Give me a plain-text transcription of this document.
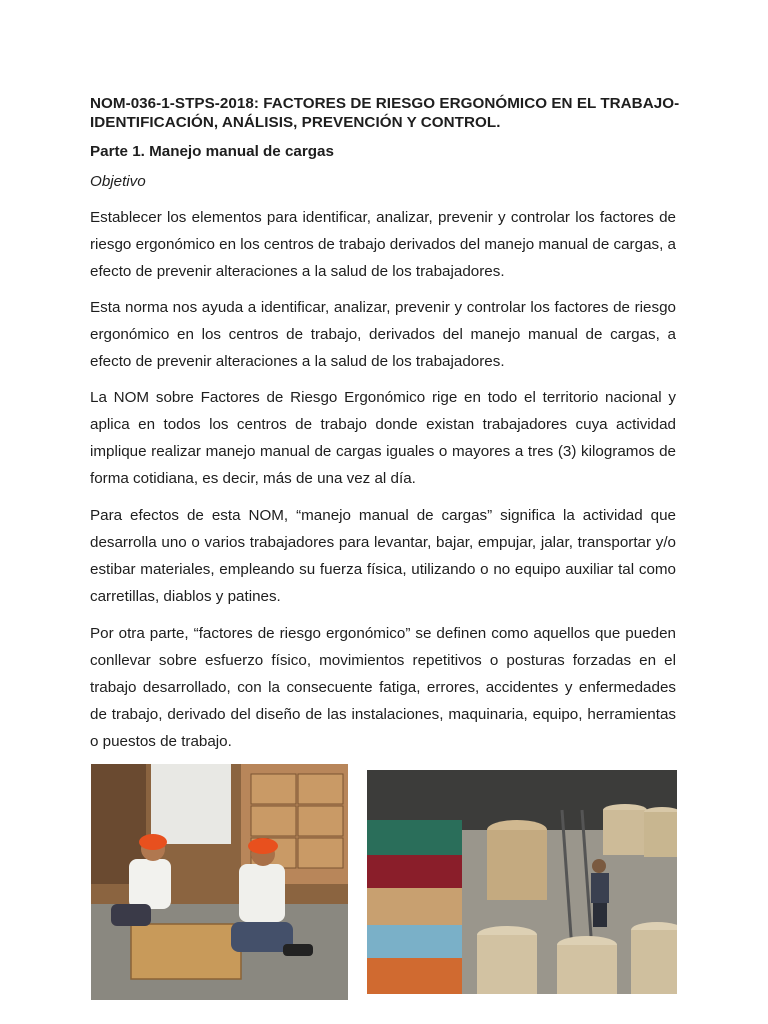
NOM-036-1-STPS-2018: FACTORES DE RIESGO ERGONÓMICO EN EL TRABAJO-IDENTIFICACIÓN, ANÁLISIS, PREVENCIÓN Y CONTROL.
Parte 1. Manejo manual de cargas

Objetivo

Establecer los elementos para identificar, analizar, prevenir y controlar los factores de riesgo ergonómico en los centros de trabajo derivados del manejo manual de cargas, a efecto de prevenir alteraciones a la salud de los trabajadores.

Esta norma nos ayuda a identificar, analizar, prevenir y controlar los factores de riesgo ergonómico en los centros de trabajo, derivados del manejo manual de cargas, a efecto de prevenir alteraciones a la salud de los trabajadores.

La NOM sobre Factores de Riesgo Ergonómico rige en todo el territorio nacional y aplica en todos los centros de trabajo donde existan trabajadores cuya actividad implique realizar manejo manual de cargas iguales o mayores a tres (3) kilogramos de forma cotidiana, es decir, más de una vez al día.

Para efectos de esta NOM, “manejo manual de cargas” significa la actividad que desarrolla uno o varios trabajadores para levantar, bajar, empujar, jalar, transportar y/o estibar materiales, empleando su fuerza física, utilizando o no equipo auxiliar tal como carretillas, diablos y patines.

Por otra parte, “factores de riesgo ergonómico” se definen como aquellos que pueden conllevar sobre esfuerzo físico, movimientos repetitivos o posturas forzadas en el trabajo desarrollado, con la consecuente fatiga, errores, accidentes y enfermedades de trabajo, derivado del diseño de las instalaciones, maquinaria, equipo, herramientas o puestos de trabajo.
